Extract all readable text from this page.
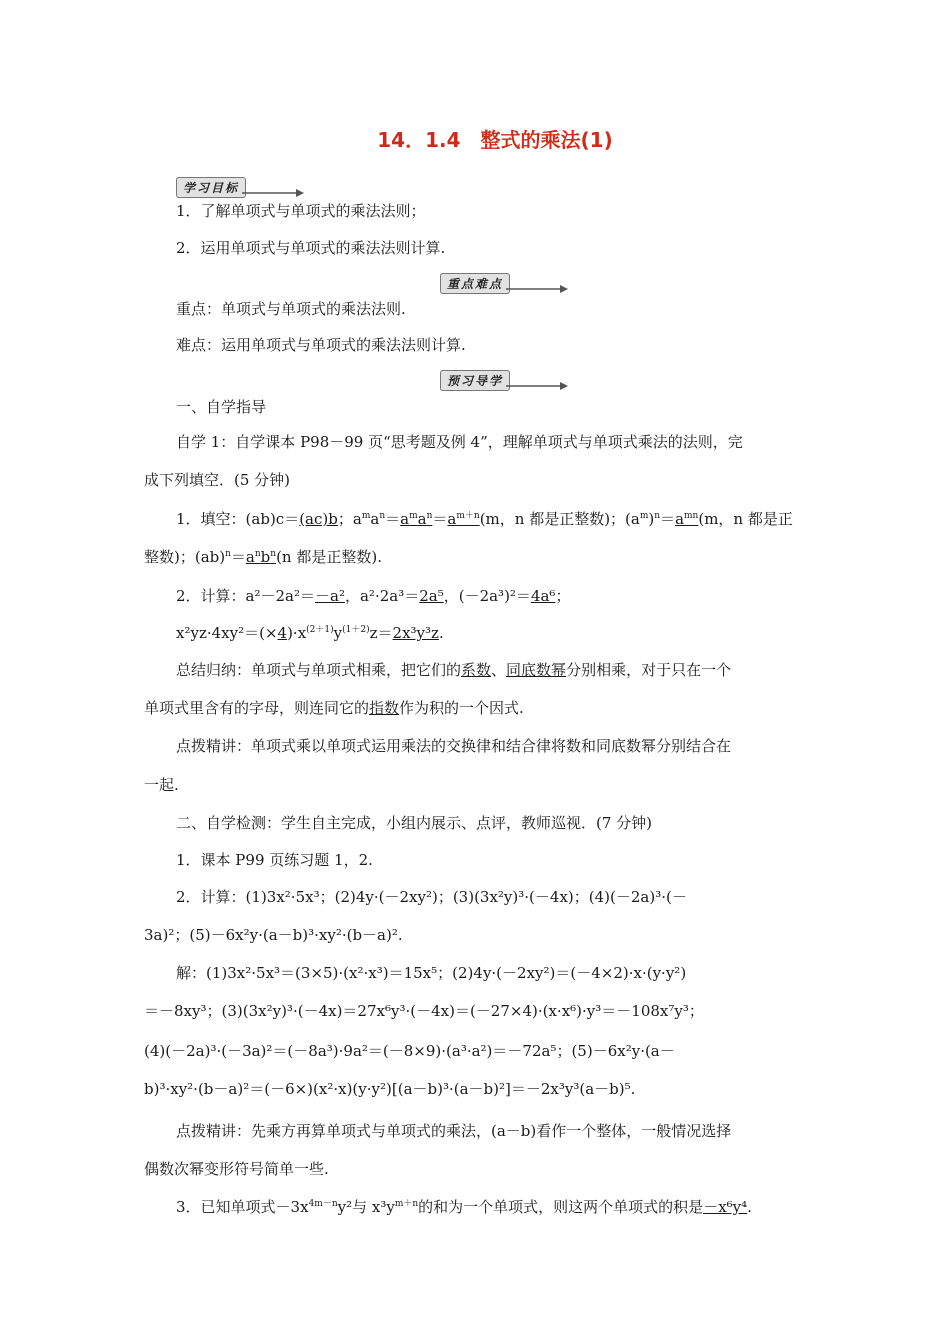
14．1.4　整式的乘法(1)
学习目标
1．了解单项式与单项式的乘法法则；
2．运用单项式与单项式的乘法法则计算.
重点难点
重点：单项式与单项式的乘法法则.
难点：运用单项式与单项式的乘法法则计算.
预习导学
一、自学指导
自学 1：自学课本 P98－99 页“思考题及例 4”，理解单项式与单项式乘法的法则，完
成下列填空．(5 分钟)
1．填空：(ab)c＝(ac)b；$a^ma^n=a^ma^n=a^{m+n}(m$，n 都是正整数)；$(a^m)^n=a^{mn}(m$，n 都是正
整数)；$(ab)^n=a^nb^n(n$ 都是正整数).
2．计算：a²－2a²＝－a²，a²·2a³＝2a⁵，(－2a³)²＝4a⁶；
$x^2yz\cdot 4xy^2=(\times 4)\cdot x^{(2+1)}y^{(1+2)}z=2x^3y^3z$.
总结归纳：单项式与单项式相乘，把它们的系数、同底数幂分别相乘，对于只在一个
单项式里含有的字母，则连同它的指数作为积的一个因式.
点拨精讲：单项式乘以单项式运用乘法的交换律和结合律将数和同底数幂分别结合在
一起.
二、自学检测：学生自主完成，小组内展示、点评，教师巡视．(7 分钟)
1．课本 P99 页练习题 1，2.
2．计算：(1)3x²·5x³；(2)4y·(－2xy²)；(3)(3x²y)³·(－4x)；(4)(－2a)³·(－
3a)²；(5)－6x²y·(a－b)³·xy²·(b－a)².
解：(1)3x²·5x³＝(3×5)·(x²·x³)＝15x⁵；(2)4y·(－2xy²)＝(－4×2)·x·(y·y²)
＝－8xy³；(3)(3x²y)³·(－4x)＝27x⁶y³·(－4x)＝(－27×4)·(x·x⁶)·y³＝－108x⁷y³；
(4)(－2a)³·(－3a)²＝(－8a³)·9a²＝(－8×9)·(a³·a²)＝－72a⁵；(5)－6x²y·(a－
b)³·xy²·(b－a)²＝(－6×)(x²·x)(y·y²)[(a－b)³·(a－b)²]＝－2x³y³(a－b)⁵.
点拨精讲：先乘方再算单项式与单项式的乘法，(a－b)看作一个整体，一般情况选择
偶数次幂变形符号简单一些.
3．已知单项式$-3x^{4m-n}y^2$与 $x^3y^{m+n}$的和为一个单项式，则这两个单项式的积是－x⁶y⁴.
